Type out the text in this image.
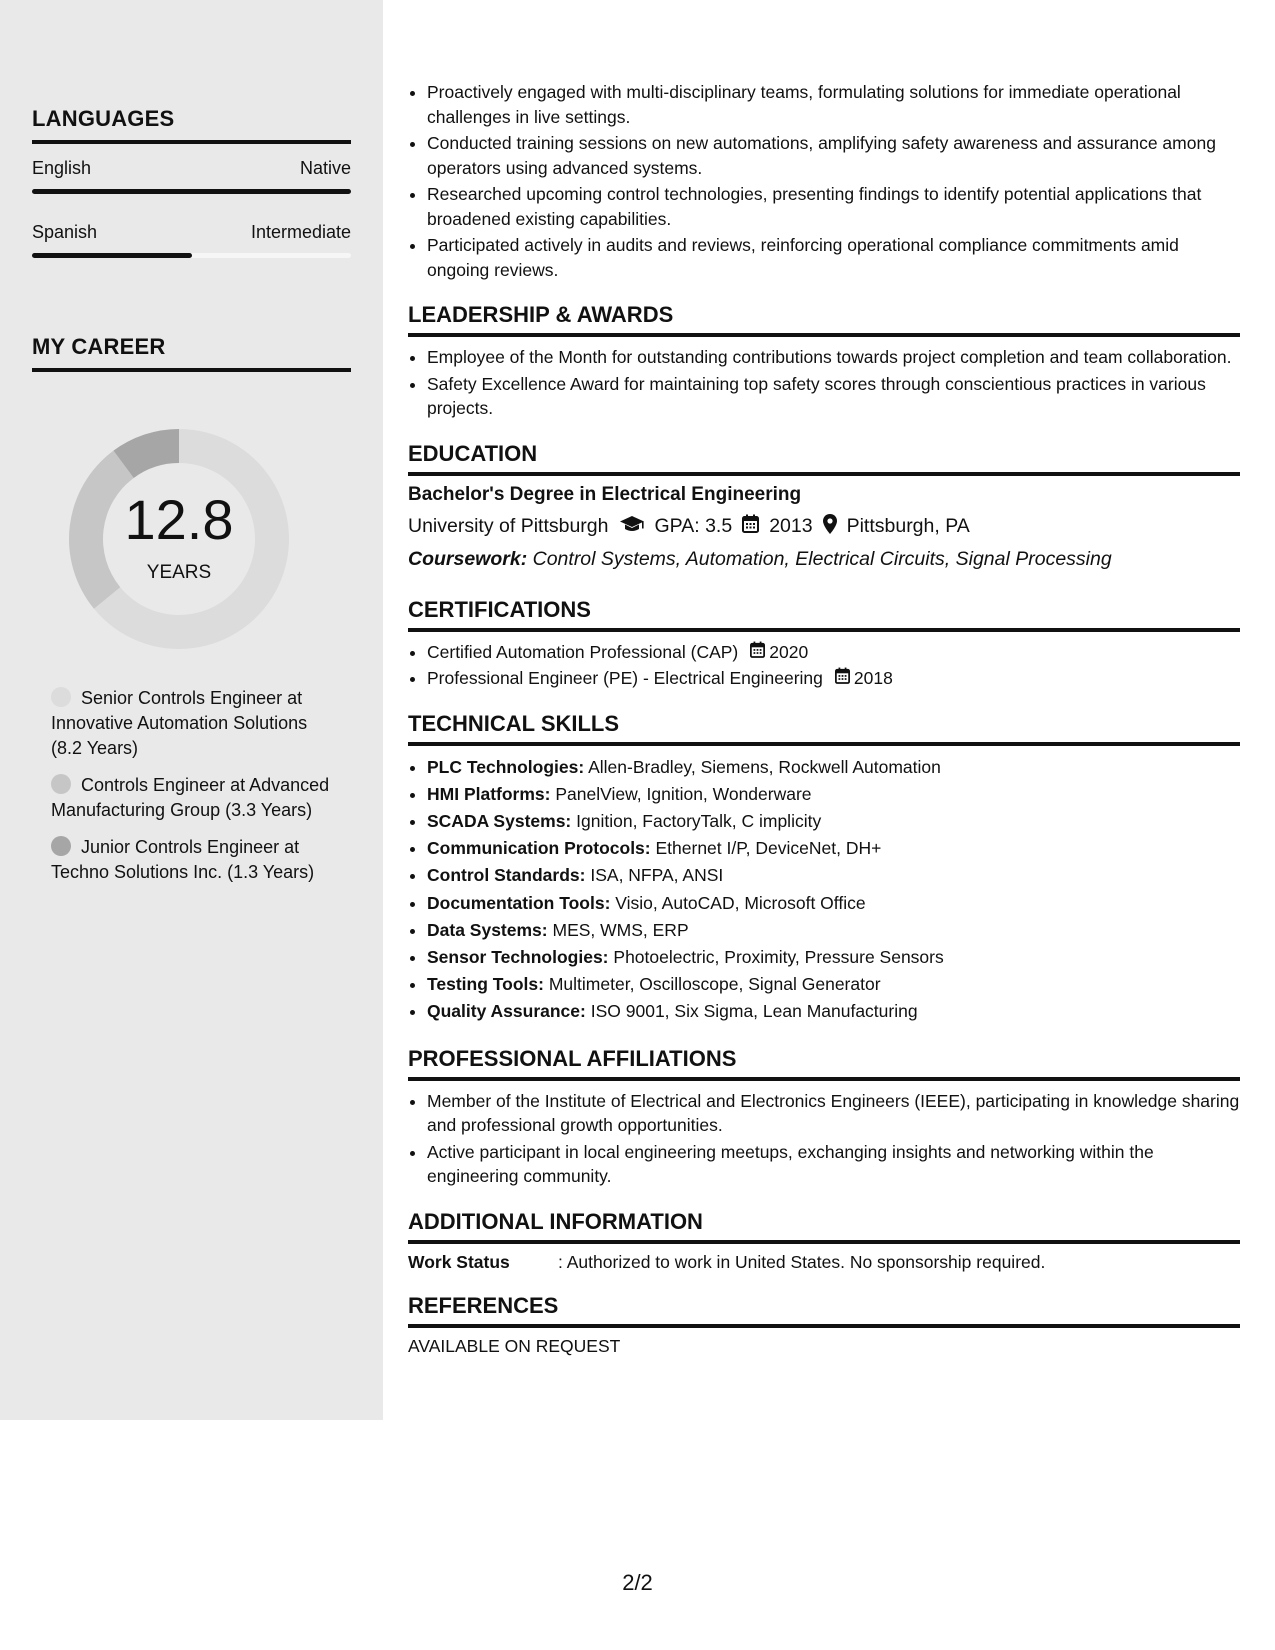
LANGUAGES
English	Native
Spanish	Intermediate
MY CAREER
12.8
YEARS
Senior Controls Engineer at Innovative Automation Solutions (8.2 Years)
Controls Engineer at Advanced Manufacturing Group (3.3 Years)
Junior Controls Engineer at Techno Solutions Inc. (1.3 Years)
• Proactively engaged with multi-disciplinary teams, formulating solutions for immediate operational challenges in live settings.
• Conducted training sessions on new automations, amplifying safety awareness and assurance among operators using advanced systems.
• Researched upcoming control technologies, presenting findings to identify potential applications that broadened existing capabilities.
• Participated actively in audits and reviews, reinforcing operational compliance commitments amid ongoing reviews.
LEADERSHIP & AWARDS
• Employee of the Month for outstanding contributions towards project completion and team collaboration.
• Safety Excellence Award for maintaining top safety scores through conscientious practices in various projects.
EDUCATION
Bachelor's Degree in Electrical Engineering
University of Pittsburgh GPA: 3.5 2013 Pittsburgh, PA
Coursework: Control Systems, Automation, Electrical Circuits, Signal Processing
CERTIFICATIONS
• Certified Automation Professional (CAP) 2020
• Professional Engineer (PE) - Electrical Engineering 2018
TECHNICAL SKILLS
• PLC Technologies: Allen-Bradley, Siemens, Rockwell Automation
• HMI Platforms: PanelView, Ignition, Wonderware
• SCADA Systems: Ignition, FactoryTalk, C implicity
• Communication Protocols: Ethernet I/P, DeviceNet, DH+
• Control Standards: ISA, NFPA, ANSI
• Documentation Tools: Visio, AutoCAD, Microsoft Office
• Data Systems: MES, WMS, ERP
• Sensor Technologies: Photoelectric, Proximity, Pressure Sensors
• Testing Tools: Multimeter, Oscilloscope, Signal Generator
• Quality Assurance: ISO 9001, Six Sigma, Lean Manufacturing
PROFESSIONAL AFFILIATIONS
• Member of the Institute of Electrical and Electronics Engineers (IEEE), participating in knowledge sharing and professional growth opportunities.
• Active participant in local engineering meetups, exchanging insights and networking within the engineering community.
ADDITIONAL INFORMATION
Work Status	: Authorized to work in United States. No sponsorship required.
REFERENCES
AVAILABLE ON REQUEST
2/2
